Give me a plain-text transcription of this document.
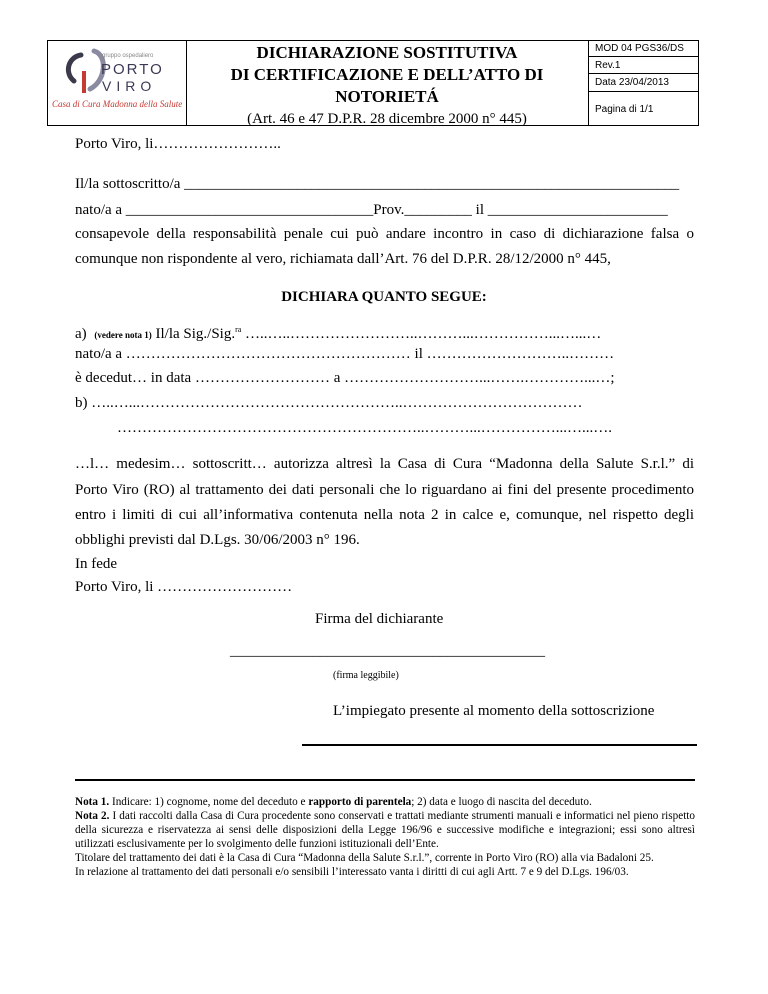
gruppo ospedaliero
PORTO
VIRO
Casa di Cura Madonna della Salute
DICHIARAZIONE SOSTITUTIVA
DI CERTIFICAZIONE E DELL’ATTO DI
NOTORIETÁ
(Art. 46 e 47 D.P.R. 28 dicembre 2000 n° 445)
MOD 04 PGS36/DS
Rev.1
Data 23/04/2013
Pagina di 1/1
Porto Viro, li……………………..
Il/la sottoscritto/a __________________________________________________________________
nato/a a _________________________________Prov._________ il ________________________
consapevole della responsabilità penale cui può andare incontro in caso di dichiarazione falsa o
comunque non rispondente al vero, richiamata dall’Art. 76 del D.P.R. 28/12/2000 n° 445,
DICHIARA QUANTO SEGUE:
a) (vedere nota 1) Il/la Sig./Sig.$^{ra}$ …..…..……………………..………...……………...…...…
nato/a a ………………………………………………… il ………………………..………
è decedut… in data ……………………… a ………………………...…….…………...…;
b) …..…...……………………………………………..………………………………
……………………………………………………..………...……………...…...….
…l… medesim… sottoscritt… autorizza altresì la Casa di Cura “Madonna della Salute S.r.l.” di
Porto Viro (RO) al trattamento dei dati personali che lo riguardano ai fini del presente procedimento
entro i limiti di cui all’informativa contenuta nella nota 2 in calce e, comunque, nel rispetto degli
obblighi previsti dal D.Lgs. 30/06/2003 n° 196.
In fede
Porto Viro, li ………………………
Firma del dichiarante
__________________________________________
(firma leggibile)
L’impiegato presente al momento della sottoscrizione

Nota 1. Indicare: 1) cognome, nome del deceduto e rapporto di parentela; 2) data e luogo di nascita del deceduto.

Nota 2. I dati raccolti dalla Casa di Cura procedente sono conservati e trattati mediante strumenti manuali e informatici nel pieno rispetto della sicurezza e riservatezza ai sensi delle disposizioni della Legge 196/96 e successive modifiche e integrazioni; essi sono altresì utilizzati esclusivamente per lo svolgimento delle funzioni istituzionali dell’Ente.

Titolare del trattamento dei dati è la Casa di Cura “Madonna della Salute S.r.l.”, corrente in Porto Viro (RO) alla via Badaloni 25.

In relazione al trattamento dei dati personali e/o sensibili l’interessato vanta i diritti di cui agli Artt. 7 e 9 del D.Lgs. 196/03.
